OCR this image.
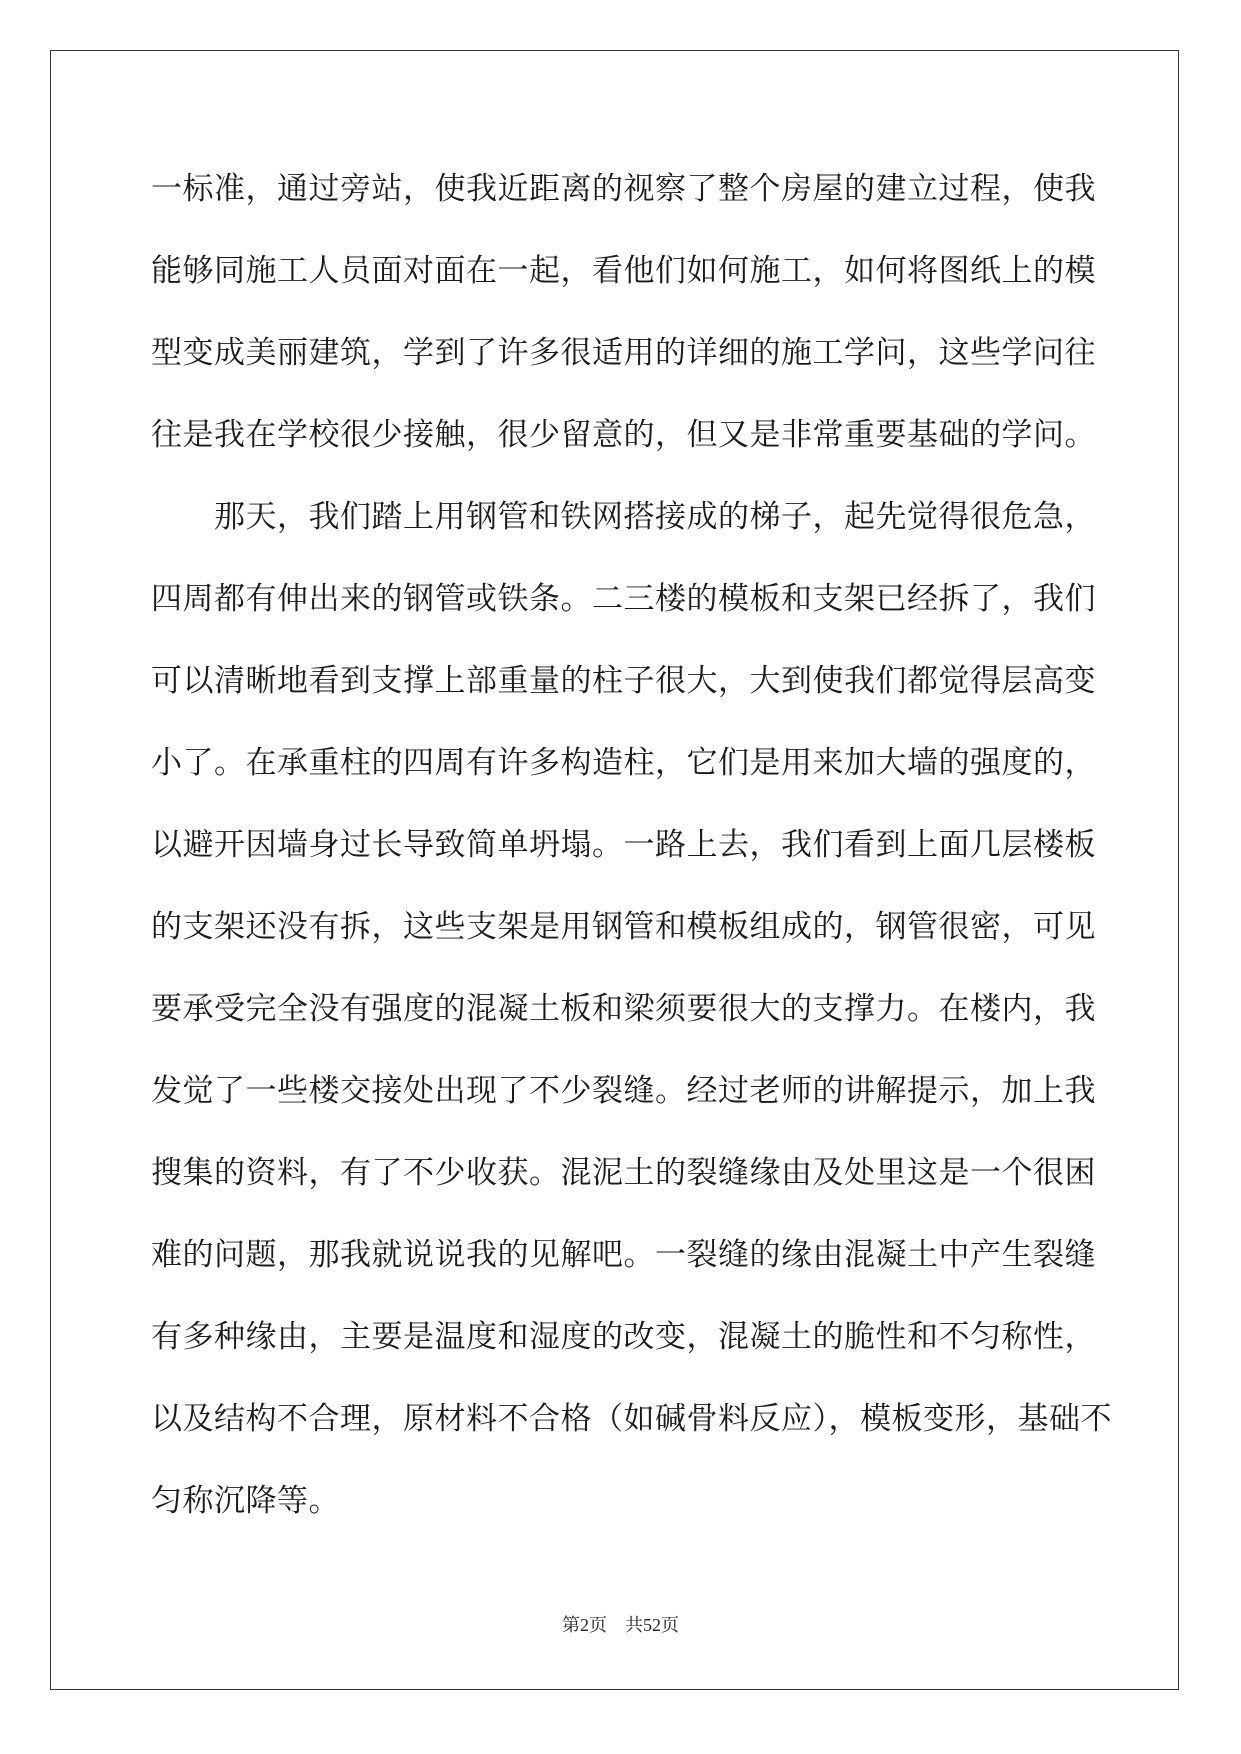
一标准，通过旁站，使我近距离的视察了整个房屋的建立过程，使我
能够同施工人员面对面在一起，看他们如何施工，如何将图纸上的模
型变成美丽建筑，学到了许多很适用的详细的施工学问，这些学问往
往是我在学校很少接触，很少留意的，但又是非常重要基础的学问。
　　那天，我们踏上用钢管和铁网搭接成的梯子，起先觉得很危急，
四周都有伸出来的钢管或铁条。二三楼的模板和支架已经拆了，我们
可以清晰地看到支撑上部重量的柱子很大，大到使我们都觉得层高变
小了。在承重柱的四周有许多构造柱，它们是用来加大墙的强度的，
以避开因墙身过长导致简单坍塌。一路上去，我们看到上面几层楼板
的支架还没有拆，这些支架是用钢管和模板组成的，钢管很密，可见
要承受完全没有强度的混凝土板和梁须要很大的支撑力。在楼内，我
发觉了一些楼交接处出现了不少裂缝。经过老师的讲解提示，加上我
搜集的资料，有了不少收获。混泥土的裂缝缘由及处里这是一个很困
难的问题，那我就说说我的见解吧。一裂缝的缘由混凝土中产生裂缝
有多种缘由，主要是温度和湿度的改变，混凝土的脆性和不匀称性，
以及结构不合理，原材料不合格（如碱骨料反应），模板变形，基础不
匀称沉降等。
第2页 共52页
